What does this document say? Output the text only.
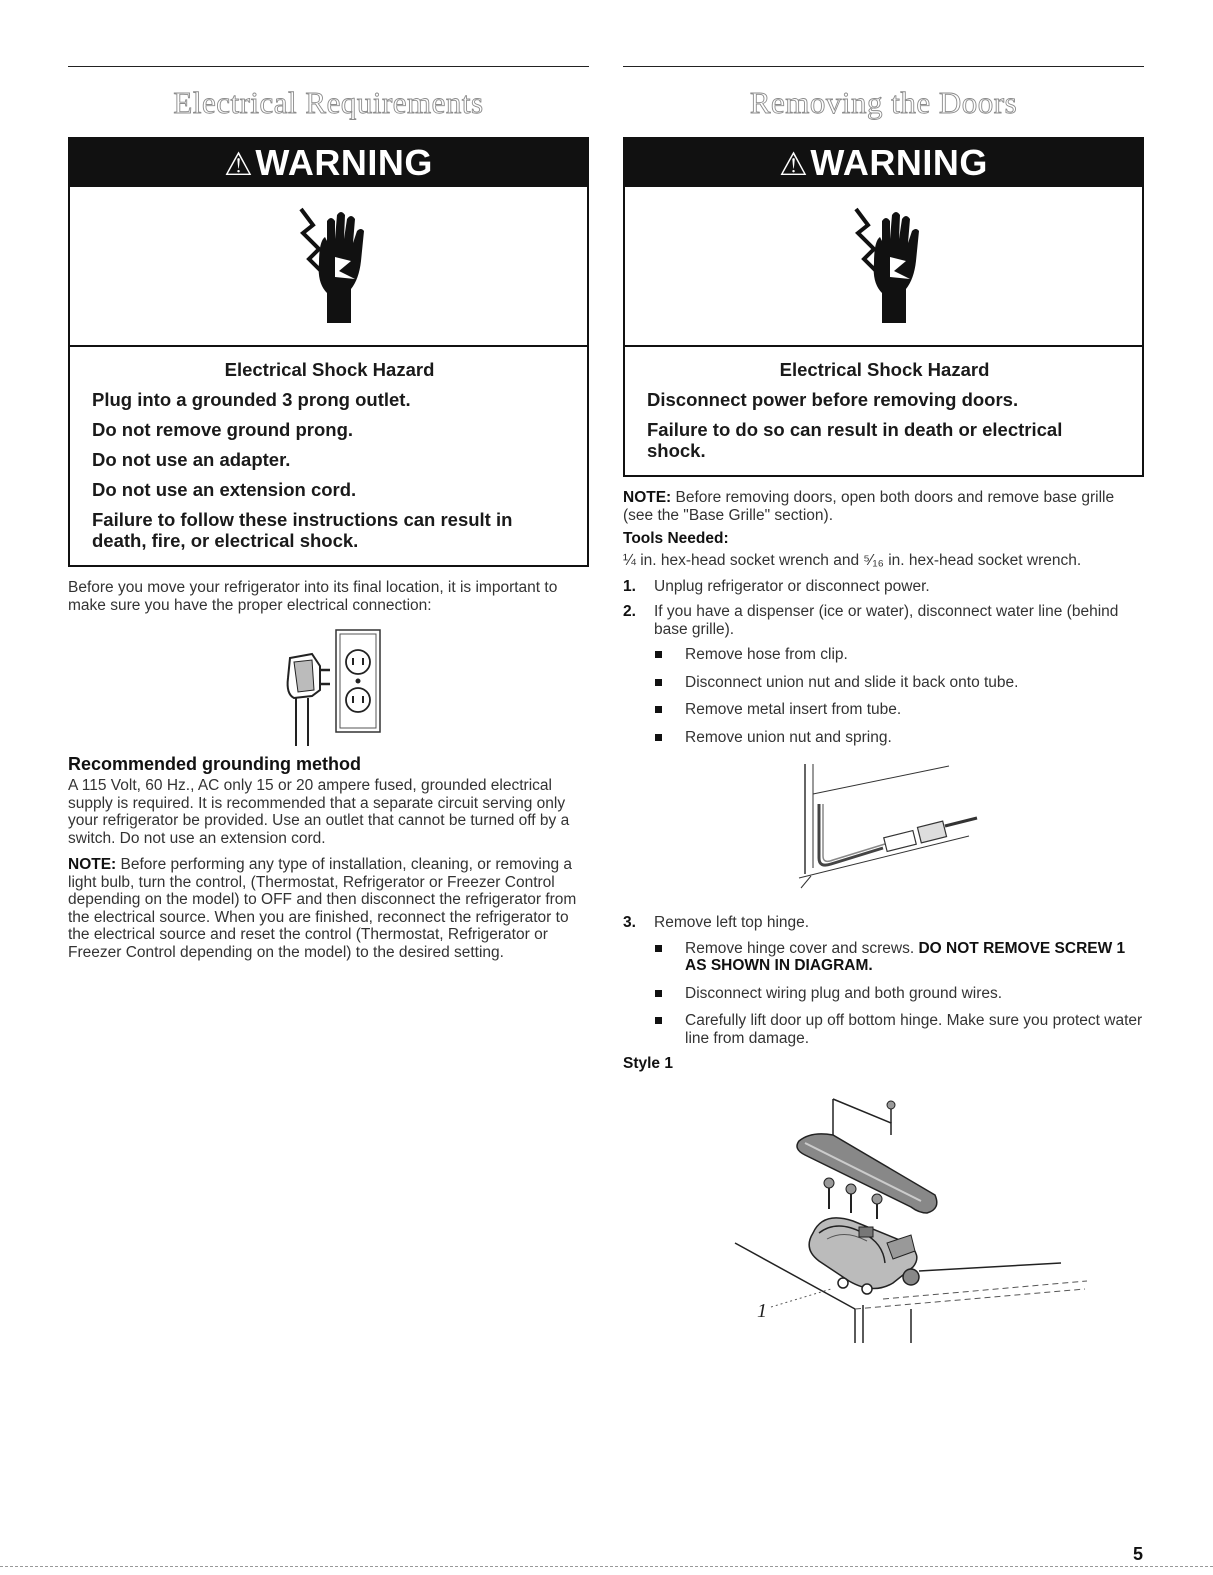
Electrical Requirements
⚠WARNING
Electrical Shock Hazard
Plug into a grounded 3 prong outlet.
Do not remove ground prong.
Do not use an adapter.
Do not use an extension cord.
Failure to follow these instructions can result in death, fire, or electrical shock.

Before you move your refrigerator into its final location, it is important to make sure you have the proper electrical connection:

Recommended grounding method

A 115 Volt, 60 Hz., AC only 15 or 20 ampere fused, grounded electrical supply is required. It is recommended that a separate circuit serving only your refrigerator be provided. Use an outlet that cannot be turned off by a switch. Do not use an extension cord.

NOTE: Before performing any type of installation, cleaning, or removing a light bulb, turn the control, (Thermostat, Refrigerator or Freezer Control depending on the model) to OFF and then disconnect the refrigerator from the electrical source. When you are finished, reconnect the refrigerator to the electrical source and reset the control (Thermostat, Refrigerator or Freezer Control depending on the model) to the desired setting.

Removing the Doors
⚠WARNING
Electrical Shock Hazard
Disconnect power before removing doors.
Failure to do so can result in death or electrical shock.

NOTE: Before removing doors, open both doors and remove base grille (see the "Base Grille" section).

Tools Needed:

¼ in. hex-head socket wrench and ⁵⁄₁₆ in. hex-head socket wrench.

1. Unplug refrigerator or disconnect power.
2. If you have a dispenser (ice or water), disconnect water line (behind base grille).
Remove hose from clip.
Disconnect union nut and slide it back onto tube.
Remove metal insert from tube.
Remove union nut and spring.
3. Remove left top hinge.
Remove hinge cover and screws. DO NOT REMOVE SCREW 1 AS SHOWN IN DIAGRAM.
Disconnect wiring plug and both ground wires.
Carefully lift door up off bottom hinge. Make sure you protect water line from damage.
Style 1
1
5
